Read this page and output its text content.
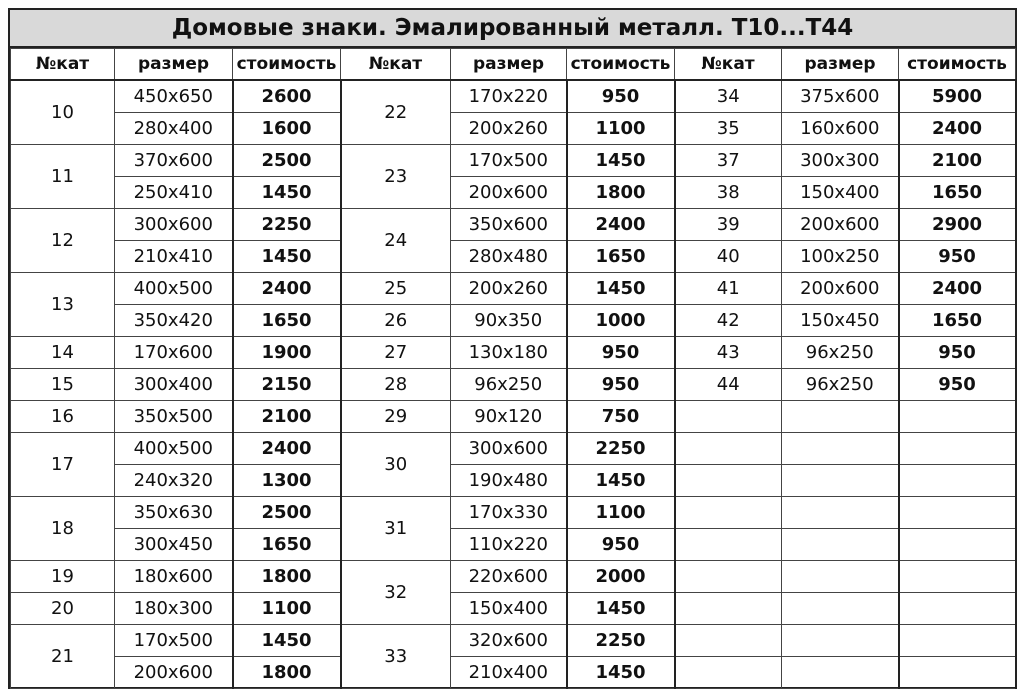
Домовые знаки. Эмалированный металл. Т10...Т44
№кат	размер	стоимость	№кат	размер	стоимость	№кат	размер	стоимость
10	450x650	2600	22	170x220	950	34	375x600	5900
	280x400	1600		200x260	1100	35	160x600	2400
11	370x600	2500	23	170x500	1450	37	300x300	2100
	250x410	1450		200x600	1800	38	150x400	1650
12	300x600	2250	24	350x600	2400	39	200x600	2900
	210x410	1450		280x480	1650	40	100x250	950
13	400x500	2400	25	200x260	1450	41	200x600	2400
	350x420	1650	26	90x350	1000	42	150x450	1650
14	170x600	1900	27	130x180	950	43	96x250	950
15	300x400	2150	28	96x250	950	44	96x250	950
16	350x500	2100	29	90x120	750			
17	400x500	2400	30	300x600	2250			
	240x320	1300		190x480	1450			
18	350x630	2500	31	170x330	1100			
	300x450	1650		110x220	950			
19	180x600	1800	32	220x600	2000			
20	180x300	1100		150x400	1450			
21	170x500	1450	33	320x600	2250			
	200x600	1800		210x400	1450			
